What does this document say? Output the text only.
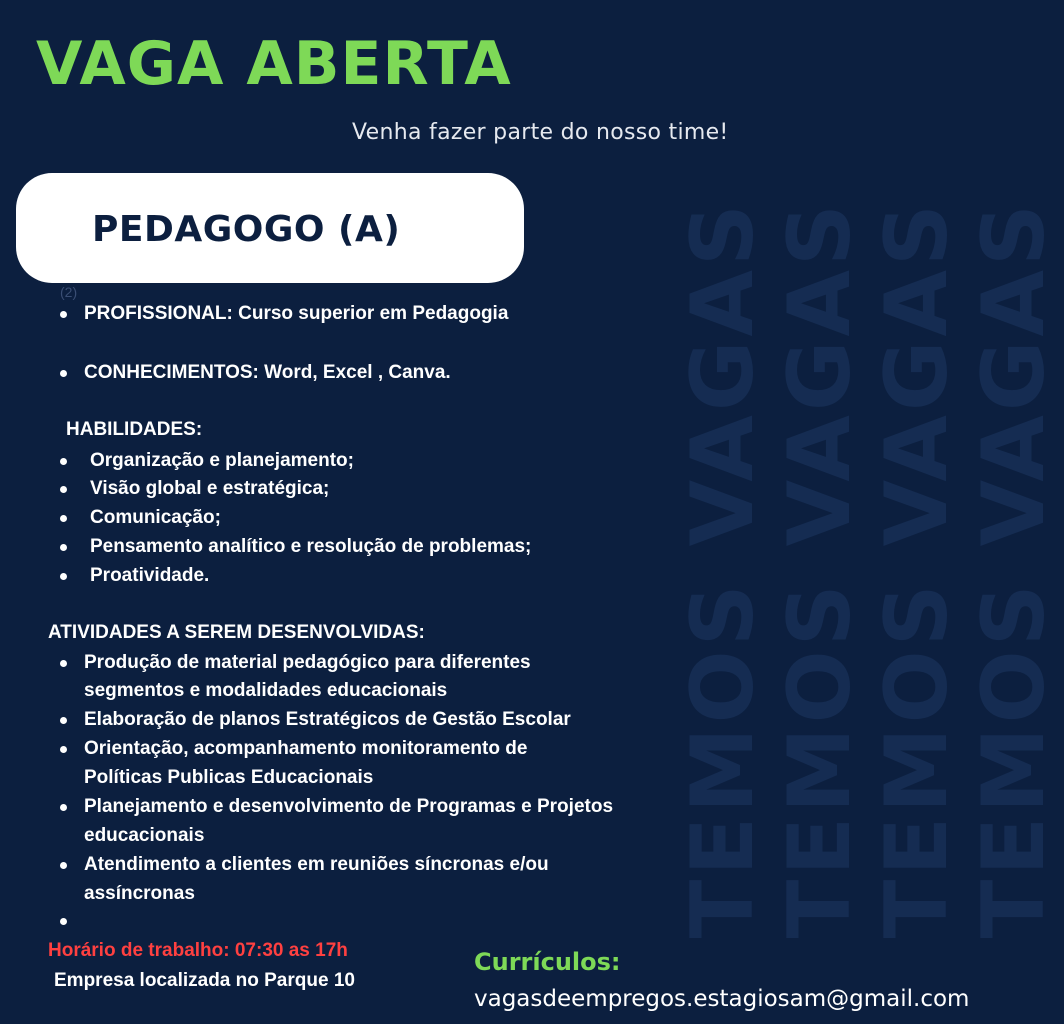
TEMOS VAGAS
TEMOS VAGAS
TEMOS VAGAS
TEMOS VAGAS
VAGA ABERTA
Venha fazer parte do nosso time!
PEDAGOGO (A)
(2)
PROFISSIONAL: Curso superior em Pedagogia
CONHECIMENTOS: Word, Excel , Canva.
HABILIDADES:
Organização e planejamento;
Visão global e estratégica;
Comunicação;
Pensamento analítico e resolução de problemas;
Proatividade.
ATIVIDADES A SEREM DESENVOLVIDAS:
Produção de material pedagógico para diferentes
segmentos e modalidades educacionais
Elaboração de planos Estratégicos de Gestão Escolar
Orientação, acompanhamento monitoramento de
Políticas Publicas Educacionais
Planejamento e desenvolvimento de Programas e Projetos
educacionais
Atendimento a clientes em reuniões síncronas e/ou
assíncronas
Horário de trabalho: 07:30 as 17h
Empresa localizada no Parque 10
Currículos:
vagasdeempregos.estagiosam@gmail.com
